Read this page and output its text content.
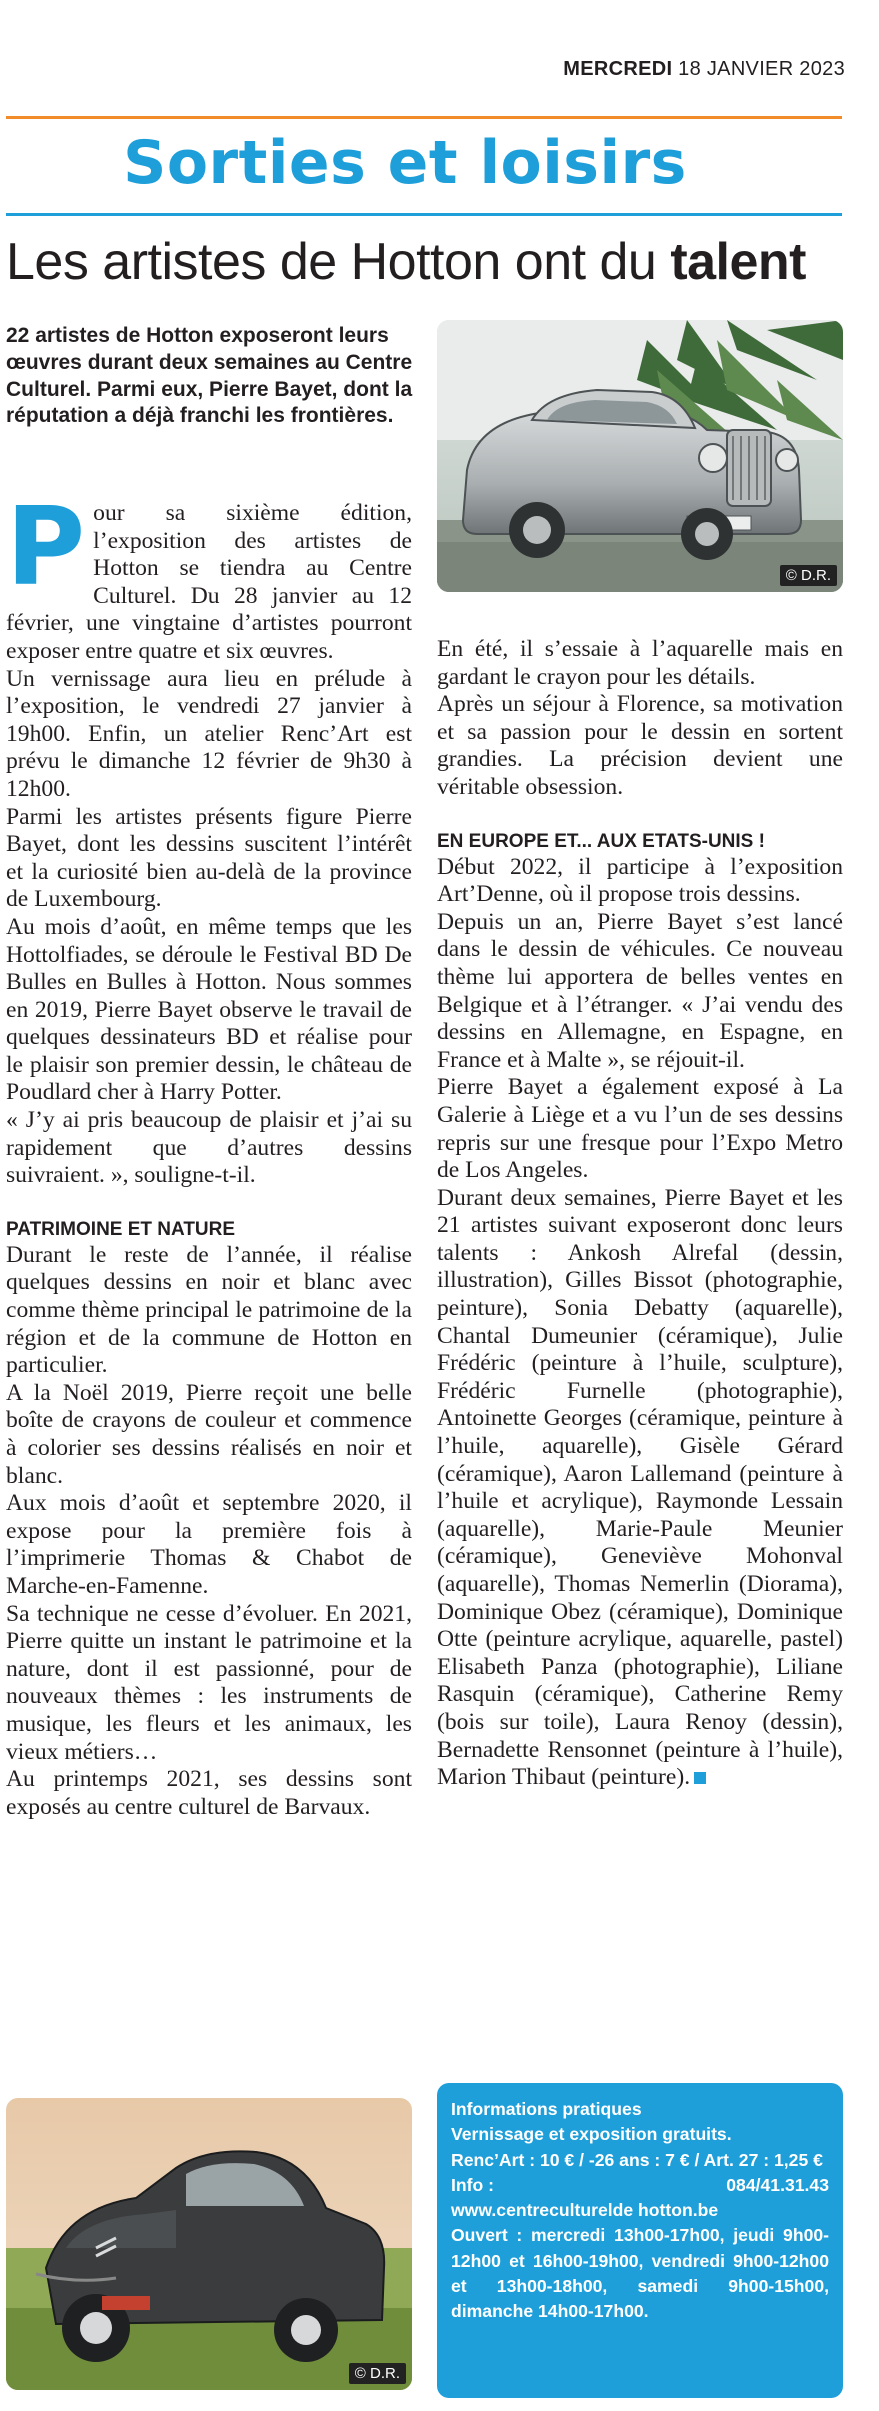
MERCREDI 18 JANVIER 2023
Sorties et loisirs
Les artistes de Hotton ont du talent
22 artistes de Hotton exposeront leurs œuvres durant deux semaines au Centre Culturel. Parmi eux, Pierre Bayet, dont la réputation a déjà franchi les frontières.
© D.R.

Pour sa sixième édition, l’exposition des artistes de Hotton se tiendra au Centre Culturel. Du 28 janvier au 12 février, une vingtaine d’artistes pourront exposer entre quatre et six œuvres.

Un vernissage aura lieu en prélude à l’exposition, le vendredi 27 janvier à 19h00. Enfin, un atelier Renc’Art est prévu le dimanche 12 février de 9h30 à 12h00.

Parmi les artistes présents figure Pierre Bayet, dont les dessins suscitent l’intérêt et la curiosité bien au-delà de la province de Luxembourg.

Au mois d’août, en même temps que les Hottolfiades, se déroule le Festival BD De Bulles en Bulles à Hotton. Nous sommes en 2019, Pierre Bayet observe le travail de quelques dessinateurs BD et réalise pour le plaisir son premier dessin, le château de Poudlard cher à Harry Potter.

« J’y ai pris beaucoup de plaisir et j’ai su rapidement que d’autres dessins suivraient. », souligne-t-il.

PATRIMOINE ET NATURE

Durant le reste de l’année, il réalise quelques dessins en noir et blanc avec comme thème principal le patrimoine de la région et de la commune de Hotton en particulier.

A la Noël 2019, Pierre reçoit une belle boîte de crayons de couleur et commence à colorier ses dessins réalisés en noir et blanc.

Aux mois d’août et septembre 2020, il expose pour la première fois à l’imprimerie Thomas & Chabot de Marche-en-Famenne.

Sa technique ne cesse d’évoluer. En 2021, Pierre quitte un instant le patrimoine et la nature, dont il est passionné, pour de nouveaux thèmes : les instruments de musique, les fleurs et les animaux, les vieux métiers…

Au printemps 2021, ses dessins sont exposés au centre culturel de Barvaux.

En été, il s’essaie à l’aquarelle mais en gardant le crayon pour les détails.

Après un séjour à Florence, sa motivation et sa passion pour le dessin en sortent grandies. La précision devient une véritable obsession.

EN EUROPE ET... AUX ETATS-UNIS !

Début 2022, il participe à l’exposition Art’Denne, où il propose trois dessins.

Depuis un an, Pierre Bayet s’est lancé dans le dessin de véhicules. Ce nouveau thème lui apportera de belles ventes en Belgique et à l’étranger. « J’ai vendu des dessins en Allemagne, en Espagne, en France et à Malte », se réjouit-il.

Pierre Bayet a également exposé à La Galerie à Liège et a vu l’un de ses dessins repris sur une fresque pour l’Expo Metro de Los Angeles.

Durant deux semaines, Pierre Bayet et les 21 artistes suivant exposeront donc leurs talents : Ankosh Alrefal (dessin, illustration), Gilles Bissot (photographie, peinture), Sonia Debatty (aquarelle), Chantal Dumeunier (céramique), Julie Frédéric (peinture à l’huile, sculpture), Frédéric Furnelle (photographie), Antoinette Georges (céramique, peinture à l’huile, aquarelle), Gisèle Gérard (céramique), Aaron Lallemand (peinture à l’huile et acrylique), Raymonde Lessain (aquarelle), Marie-Paule Meunier (céramique), Geneviève Mohonval (aquarelle), Thomas Nemerlin (Diorama), Dominique Obez (céramique), Dominique Otte (peinture acrylique, aquarelle, pastel) Elisabeth Panza (photographie), Liliane Rasquin (céramique), Catherine Remy (bois sur toile), Laura Renoy (dessin), Bernadette Rensonnet (peinture à l’huile), Marion Thibaut (peinture).

© D.R.
Informations pratiques
Vernissage et exposition gratuits.
Renc’Art : 10 € / -26 ans : 7 € / Art. 27 : 1,25 €
Info :	084/41.31.43
www.centreculturelde hotton.be
Ouvert : mercredi 13h00-17h00, jeudi 9h00-12h00 et 16h00-19h00, vendredi 9h00-12h00 et 13h00-18h00, samedi 9h00-15h00, dimanche 14h00-17h00.
